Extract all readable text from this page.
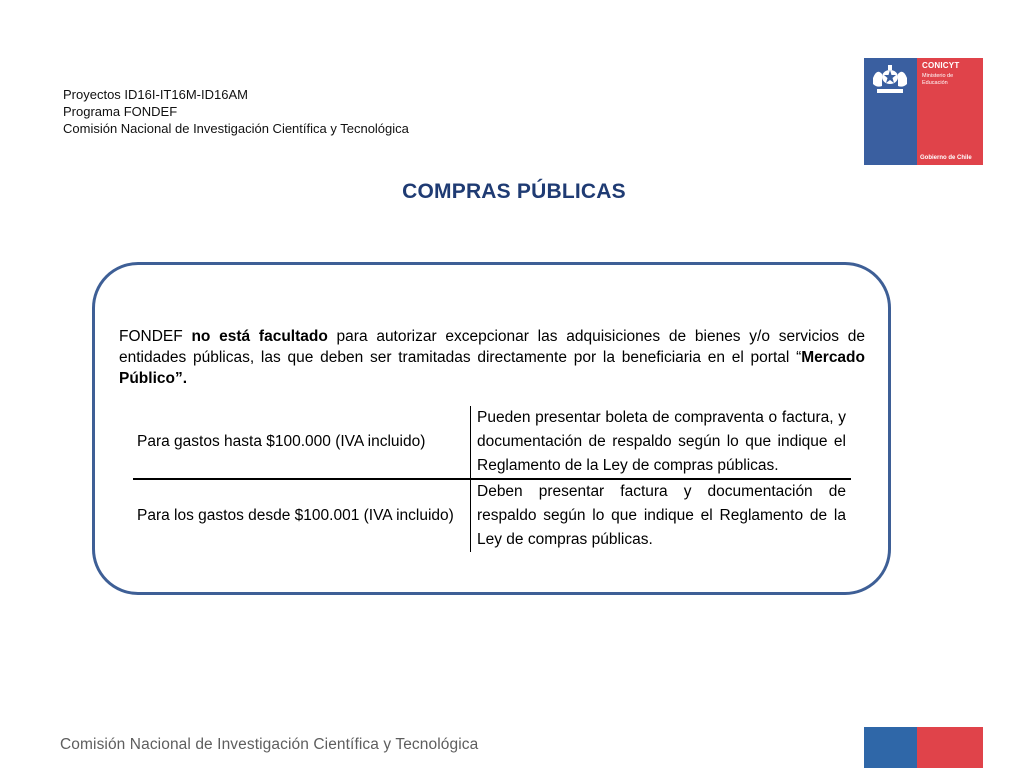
Proyectos ID16I-IT16M-ID16AM
Programa FONDEF
Comisión Nacional de Investigación Científica y Tecnológica
CONICYT
Ministerio de
Educación
Gobierno de Chile
COMPRAS PÚBLICAS

FONDEF no está facultado para autorizar excepcionar las adquisiciones de bienes y/o servicios de entidades públicas, las que deben ser tramitadas directamente por la beneficiaria en el portal “Mercado Público”.

Para gastos hasta $100.000 (IVA incluido)	Pueden presentar boleta de compraventa o factura, y documentación de respaldo según lo que indique el Reglamento de la Ley de compras públicas.
Para los gastos desde $100.001 (IVA incluido)	Deben presentar factura y documentación de respaldo según lo que indique el Reglamento de la Ley de compras públicas.
Comisión Nacional de Investigación Científica y Tecnológica
